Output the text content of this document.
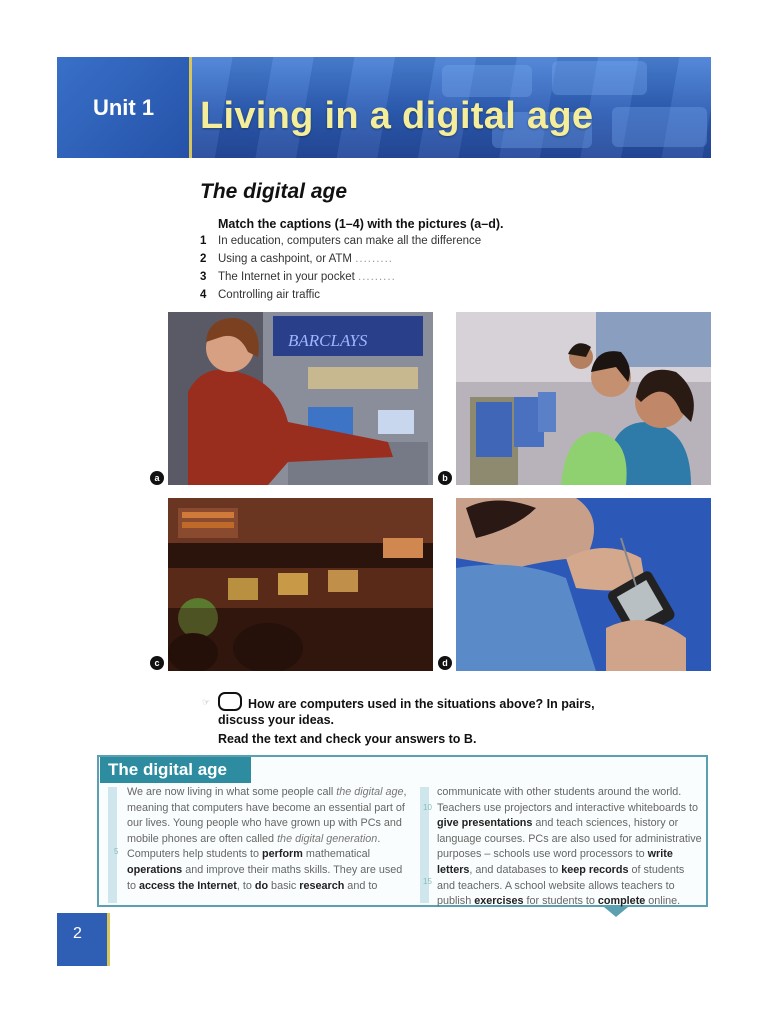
Unit 1 Living in a digital age
The digital age
Match the captions (1–4) with the pictures (a–d).
1 In education, computers can make all the difference
2 Using a cashpoint, or ATM .........
3 The Internet in your pocket .........
4 Controlling air traffic
BARCLAYS
a	b
c	d
☞	How are computers used in the situations above? In pairs, discuss your ideas.
Read the text and check your answers to B.
The digital age
5
10
15
We are now living in what some people call the digital age, meaning that computers have become an essential part of our lives. Young people who have grown up with PCs and mobile phones are often called the digital generation. Computers help students to perform mathematical operations and improve their maths skills. They are used to access the Internet, to do basic research and to
communicate with other students around the world. Teachers use projectors and interactive whiteboards to give presentations and teach sciences, history or language courses. PCs are also used for administrative purposes – schools use word processors to write letters, and databases to keep records of students and teachers. A school website allows teachers to publish exercises for students to complete online.
2
